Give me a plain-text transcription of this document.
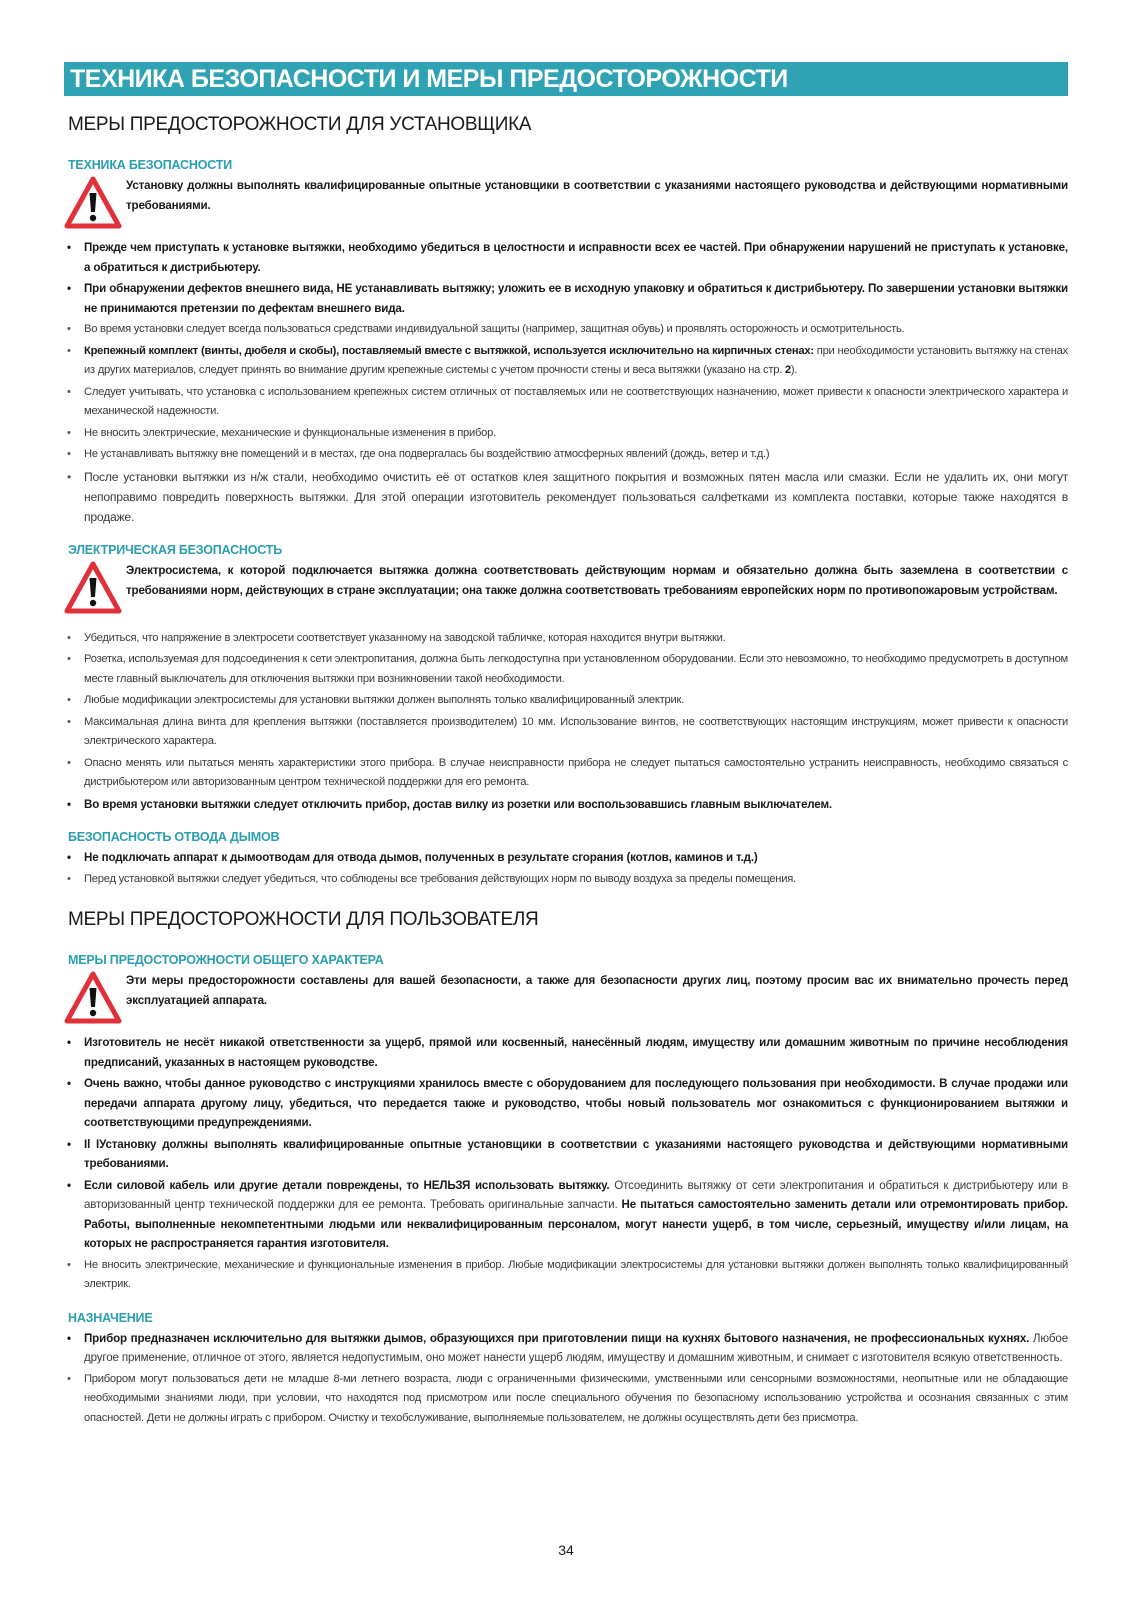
ТЕХНИКА БЕЗОПАСНОСТИ И МЕРЫ ПРЕДОСТОРОЖНОСТИ
МЕРЫ ПРЕДОСТОРОЖНОСТИ ДЛЯ УСТАНОВЩИКА
ТЕХНИКА БЕЗОПАСНОСТИ
Установку должны выполнять квалифицированные опытные установщики в соответствии с указаниями настоящего руководства и действующими нормативными требованиями.
• Прежде чем приступать к установке вытяжки, необходимо убедиться в целостности и исправности всех ее частей. При обнаружении нарушений не приступать к установке, а обратиться к дистрибьютеру.
• При обнаружении дефектов внешнего вида, НЕ устанавливать вытяжку; уложить ее в исходную упаковку и обратиться к дистрибьютеру. По завершении установки вытяжки не принимаются претензии по дефектам внешнего вида.
• Во время установки следует всегда пользоваться средствами индивидуальной защиты (например, защитная обувь) и проявлять осторожность и осмотрительность.
• Крепежный комплект (винты, дюбеля и скобы), поставляемый вместе с вытяжкой, используется исключительно на кирпичных стенах: при необходимости установить вытяжку на стенах из других материалов, следует принять во внимание другим крепежные системы с учетом прочности стены и веса вытяжки (указано на стр. 2).
• Следует учитывать, что установка с использованием крепежных систем отличных от поставляемых или не соответствующих назначению, может привести к опасности электрического характера и механической надежности.
• Не вносить электрические, механические и функциональные изменения в прибор.
• Не устанавливать вытяжку вне помещений и в местах, где она подвергалась бы воздействию атмосферных явлений (дождь, ветер и т.д.)
• После установки вытяжки из н/ж стали, необходимо очистить её от остатков клея защитного покрытия и возможных пятен масла или смазки. Если не удалить их, они могут непоправимо повредить поверхность вытяжки. Для этой операции изготовитель рекомендует пользоваться салфетками из комплекта поставки, которые также находятся в продаже.
ЭЛЕКТРИЧЕСКАЯ БЕЗОПАСНОСТЬ
Электросистема, к которой подключается вытяжка должна соответствовать действующим нормам и обязательно должна быть заземлена в соответствии с требованиями норм, действующих в стране эксплуатации; она также должна соответствовать требованиям европейских норм по противопожаровым устройствам.
• Убедиться, что напряжение в электросети соответствует указанному на заводской табличке, которая находится внутри вытяжки.
• Розетка, используемая для подсоединения к сети электропитания, должна быть легкодоступна при установленном оборудовании. Если это невозможно, то необходимо предусмотреть в доступном месте главный выключатель для отключения вытяжки при возникновении такой необходимости.
• Любые модификации электросистемы для установки вытяжки должен выполнять только квалифицированный электрик.
• Максимальная длина винта для крепления вытяжки (поставляется производителем) 10 мм. Использование винтов, не соответствующих настоящим инструкциям, может привести к опасности электрического характера.
• Опасно менять или пытаться менять характеристики этого прибора. В случае неисправности прибора не следует пытаться самостоятельно устранить неисправность, необходимо связаться с дистрибьютером или авторизованным центром технической поддержки для его ремонта.
• Во время установки вытяжки следует отключить прибор, достав вилку из розетки или воспользовавшись главным выключателем.
БЕЗОПАСНОСТЬ ОТВОДА ДЫМОВ
• Не подключать аппарат к дымоотводам для отвода дымов, полученных в результате сгорания (котлов, каминов и т.д.)
• Перед установкой вытяжки следует убедиться, что соблюдены все требования действующих норм по выводу воздуха за пределы помещения.
МЕРЫ ПРЕДОСТОРОЖНОСТИ ДЛЯ ПОЛЬЗОВАТЕЛЯ
МЕРЫ ПРЕДОСТОРОЖНОСТИ ОБЩЕГО ХАРАКТЕРА
Эти меры предосторожности составлены для вашей безопасности, а также для безопасности других лиц, поэтому просим вас их внимательно прочесть перед эксплуатацией аппарата.
• Изготовитель не несёт никакой ответственности за ущерб, прямой или косвенный, нанесённый людям, имуществу или домашним животным по причине несоблюдения предписаний, указанных в настоящем руководстве.
• Очень важно, чтобы данное руководство с инструкциями хранилось вместе с оборудованием для последующего пользования при необходимости. В случае продажи или передачи аппарата другому лицу, убедиться, что передается также и руководство, чтобы новый пользователь мог ознакомиться с функционированием вытяжки и соответствующими предупреждениями.
• Il IУстановку должны выполнять квалифицированные опытные установщики в соответствии с указаниями настоящего руководства и действующими нормативными требованиями.
• Если силовой кабель или другие детали повреждены, то НЕЛЬЗЯ использовать вытяжку. Отсоединить вытяжку от сети электропитания и обратиться к дистрибьютеру или в авторизованный центр технической поддержки для ее ремонта. Требовать оригинальные запчасти. Не пытаться самостоятельно заменить детали или отремонтировать прибор. Работы, выполненные некомпетентными людьми или неквалифицированным персоналом, могут нанести ущерб, в том числе, серьезный, имуществу и/или лицам, на которых не распространяется гарантия изготовителя.
• Не вносить электрические, механические и функциональные изменения в прибор. Любые модификации электросистемы для установки вытяжки должен выполнять только квалифицированный электрик.
НАЗНАЧЕНИЕ
• Прибор предназначен исключительно для вытяжки дымов, образующихся при приготовлении пищи на кухнях бытового назначения, не профессиональных кухнях. Любое другое применение, отличное от этого, является недопустимым, оно может нанести ущерб людям, имуществу и домашним животным, и снимает с изготовителя всякую ответственность.
• Прибором могут пользоваться дети не младше 8-ми летнего возраста, люди с ограниченными физическими, умственными или сенсорными возможностями, неопытные или не обладающие необходимыми знаниями люди, при условии, что находятся под присмотром или после специального обучения по безопасному использованию устройства и осознания связанных с этим опасностей. Дети не должны играть с прибором. Очистку и техобслуживание, выполняемые пользователем, не должны осуществлять дети без присмотра.
34
